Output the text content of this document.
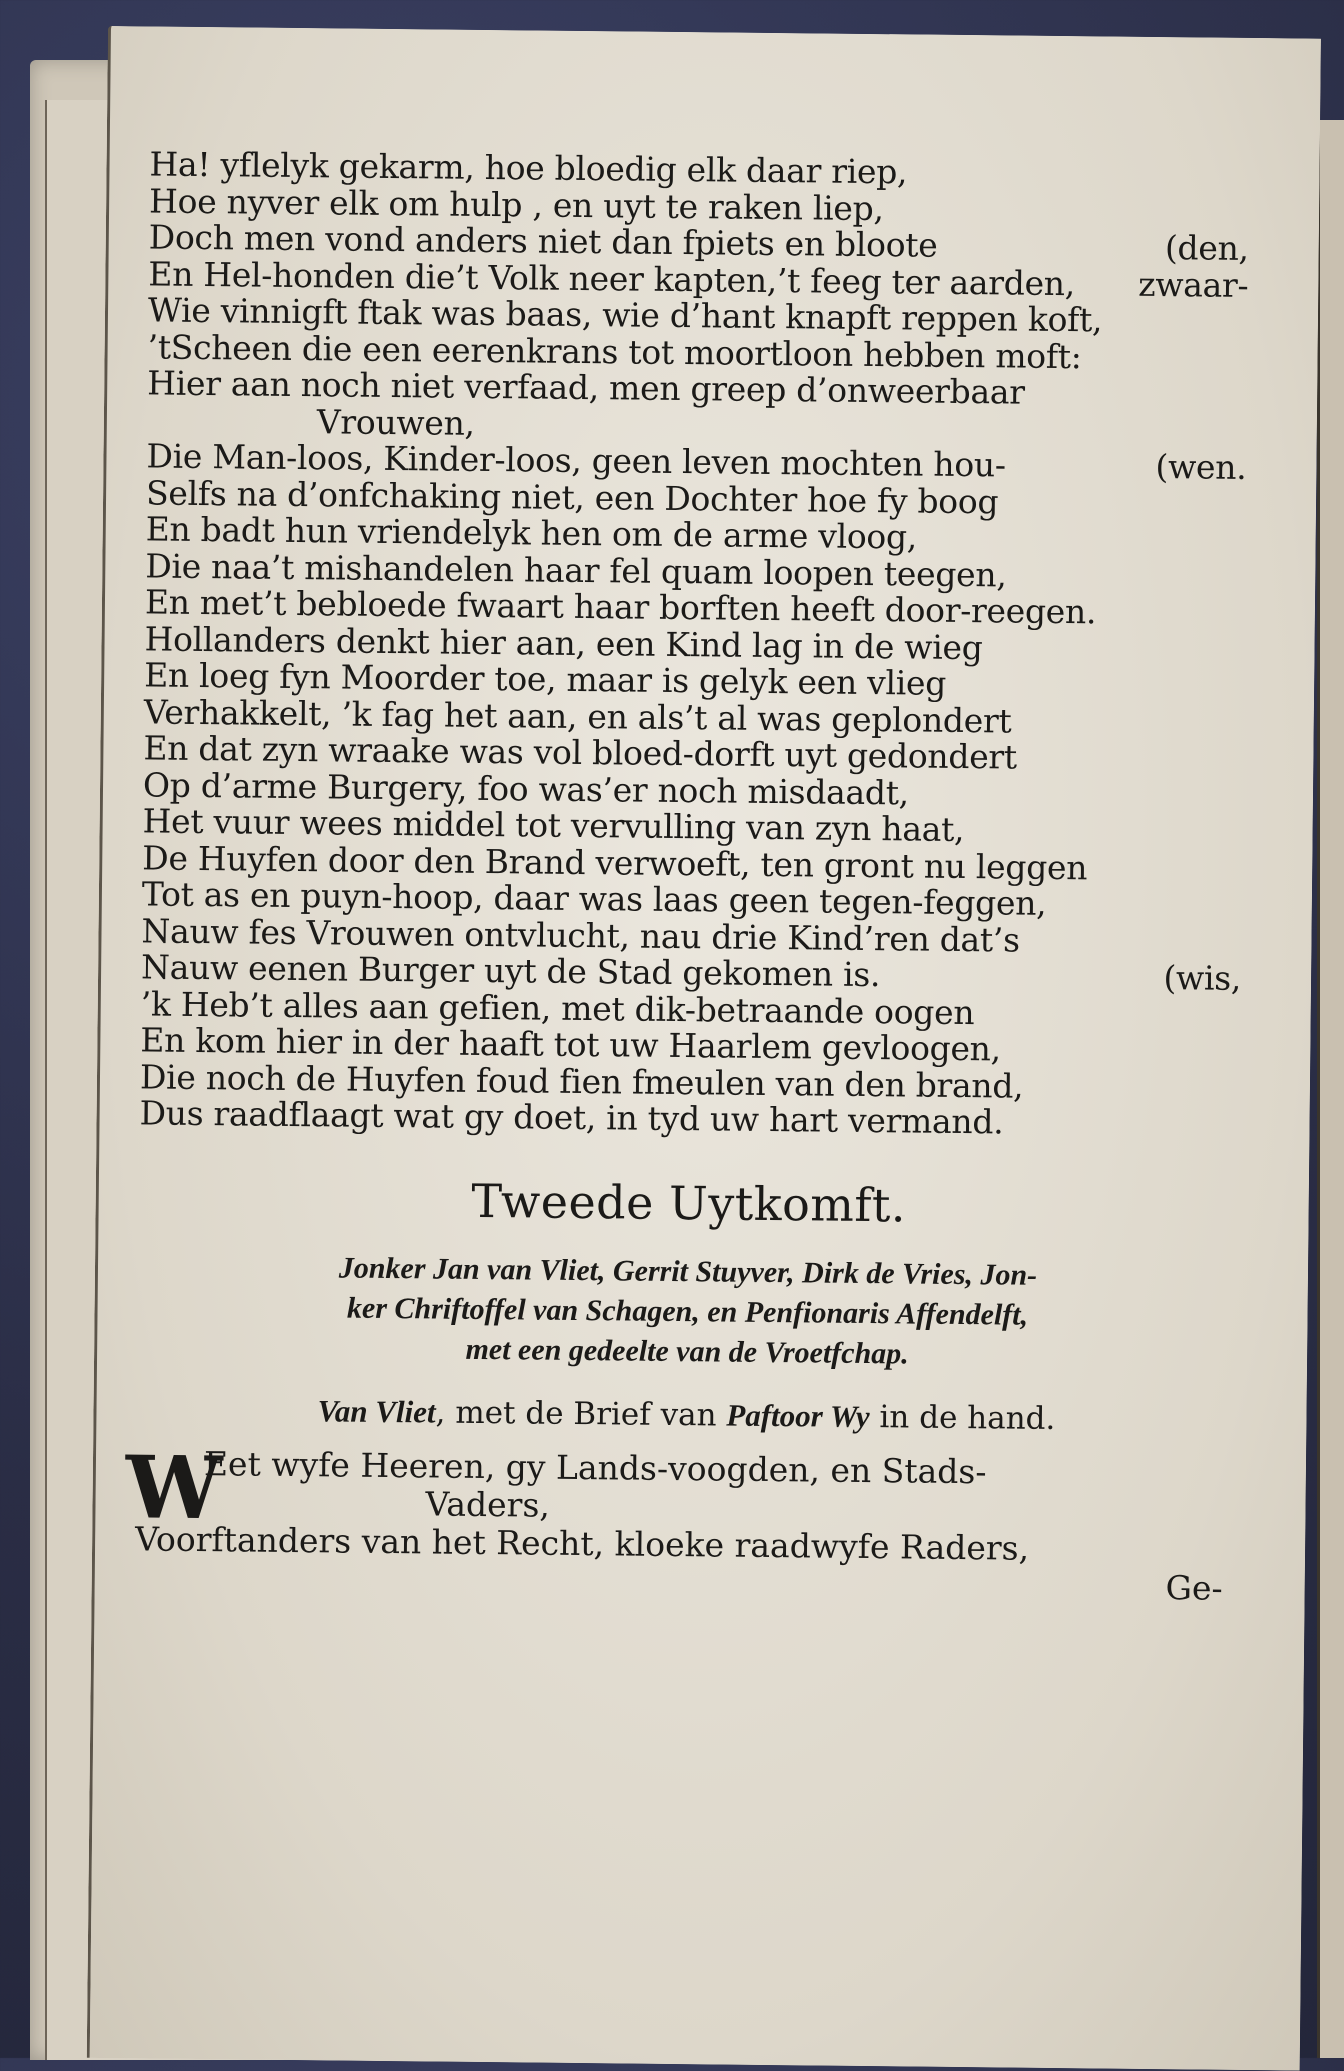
Ha! yflelyk gekarm, hoe bloedig elk daar riep,
Hoe nyver elk om hulp , en uyt te raken liep,
Doch men vond anders niet dan fpiets en bloote	(den,
En Hel-honden die’t Volk neer kapten,’t feeg ter aarden, zwaar-
Wie vinnigft ftak was baas, wie d’hant knapft reppen koft,
’tScheen die een eerenkrans tot moortloon hebben moft:
Hier aan noch niet verfaad, men greep d’onweerbaar
Vrouwen,
Die Man-loos, Kinder-loos, geen leven mochten hou-	(wen.
Selfs na d’onfchaking niet, een Dochter hoe fy boog
En badt hun vriendelyk hen om de arme vloog,
Die naa’t mishandelen haar fel quam loopen teegen,
En met’t bebloede fwaart haar borften heeft door-reegen.
Hollanders denkt hier aan, een Kind lag in de wieg
En loeg fyn Moorder toe, maar is gelyk een vlieg
Verhakkelt, ’k fag het aan, en als’t al was geplondert
En dat zyn wraake was vol bloed-dorft uyt gedondert
Op d’arme Burgery, foo was’er noch misdaadt,
Het vuur wees middel tot vervulling van zyn haat,
De Huyfen door den Brand verwoeft, ten gront nu leggen
Tot as en puyn-hoop, daar was laas geen tegen-feggen,
Nauw fes Vrouwen ontvlucht, nau drie Kind’ren dat’s
Nauw eenen Burger uyt de Stad gekomen is.	(wis,
’k Heb’t alles aan gefien, met dik-betraande oogen
En kom hier in der haaft tot uw Haarlem gevloogen,
Die noch de Huyfen foud fien fmeulen van den brand,
Dus raadflaagt wat gy doet, in tyd uw hart vermand.
Tweede Uytkomft.
Jonker Jan van Vliet, Gerrit Stuyver, Dirk de Vries, Jon-
ker Chriftoffel van Schagen, en Penfionaris Affendelft,
met een gedeelte van de Vroetfchap.
Van Vliet, met de Brief van Paftoor Wy in de hand.
W
Eet wyfe Heeren, gy Lands-voogden, en Stads-
Vaders,
Voorftanders van het Recht, kloeke raadwyfe Raders,
Ge-
